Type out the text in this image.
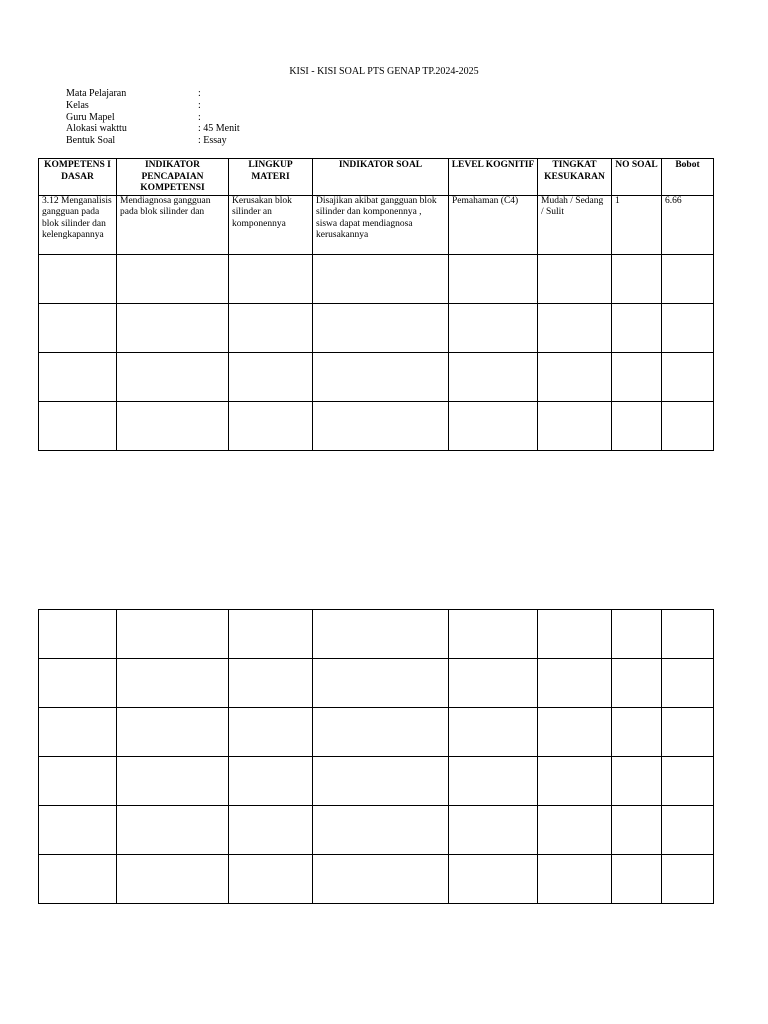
KISI - KISI SOAL PTS GENAP TP.2024-2025
Mata Pelajaran	:
Kelas	:
Guru Mapel	:
Alokasi wakttu	: 45 Menit
Bentuk Soal	: Essay
KOMPETENS I DASAR	INDIKATOR PENCAPAIAN KOMPETENSI	LINGKUP MATERI	INDIKATOR SOAL	LEVEL KOGNITIF	TINGKAT KESUKARAN	NO SOAL	Bobot
3.12 Menganalisis gangguan pada blok silinder dan kelengkapannya	Mendiagnosa gangguan pada blok silinder dan	Kerusakan blok silinder an komponennya	Disajikan akibat gangguan blok silinder dan komponennya , siswa dapat mendiagnosa kerusakannya	Pemahaman (C4)	Mudah / Sedang / Sulit	1	6.66
